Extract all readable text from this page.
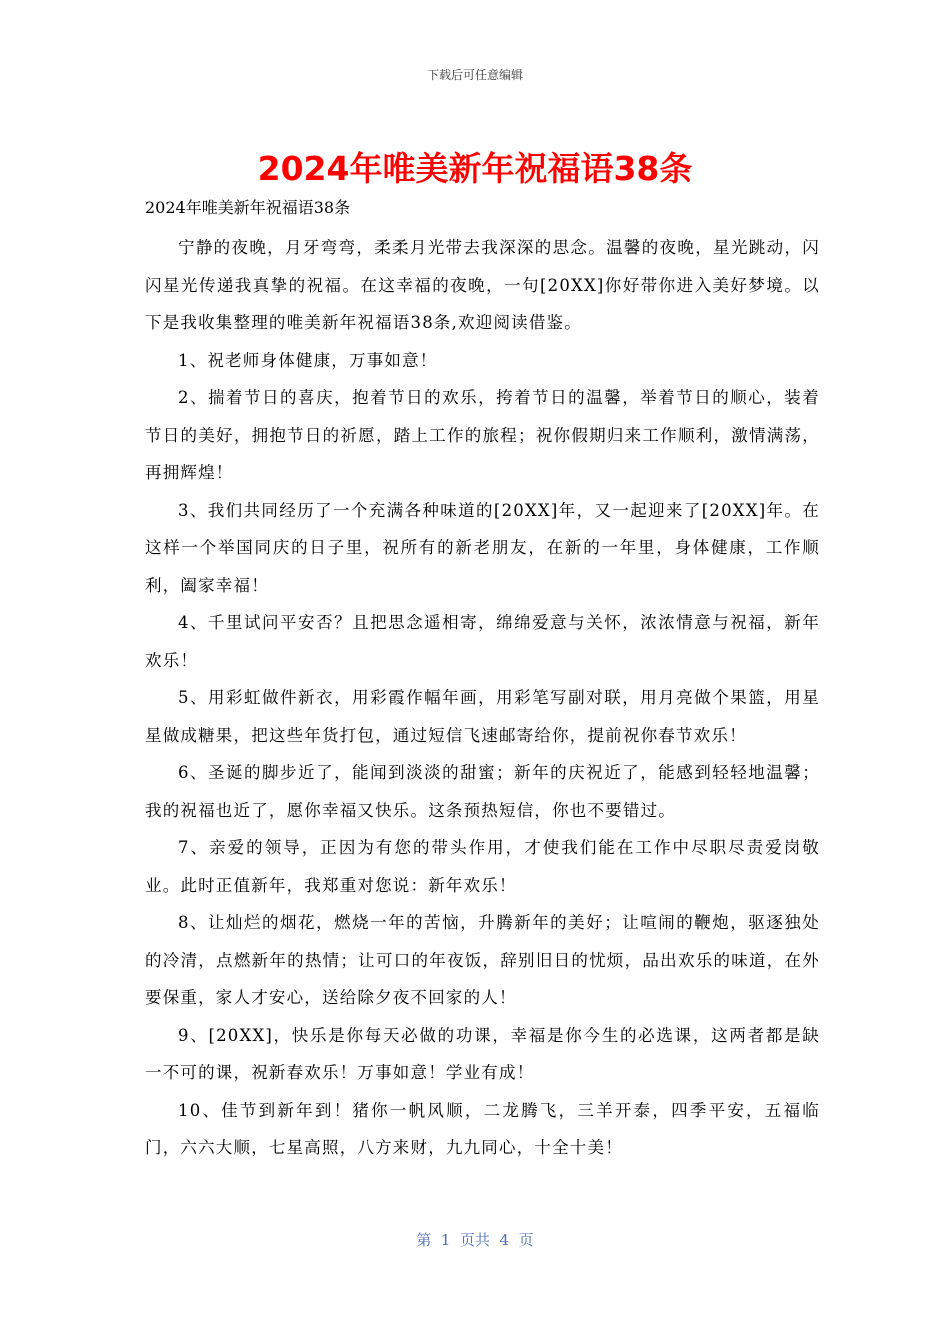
下载后可任意编辑
2024年唯美新年祝福语38条
2024年唯美新年祝福语38条

宁静的夜晚，月牙弯弯，柔柔月光带去我深深的思念。温馨的夜晚，星光跳动，闪闪星光传递我真挚的祝福。在这幸福的夜晚，一句[20XX]你好带你进入美好梦境。以下是我收集整理的唯美新年祝福语38条,欢迎阅读借鉴。

1、祝老师身体健康，万事如意！

2、揣着节日的喜庆，抱着节日的欢乐，挎着节日的温馨，举着节日的顺心，装着节日的美好，拥抱节日的祈愿，踏上工作的旅程；祝你假期归来工作顺利，激情满荡，再拥辉煌！

3、我们共同经历了一个充满各种味道的[20XX]年，又一起迎来了[20XX]年。在这样一个举国同庆的日子里，祝所有的新老朋友，在新的一年里，身体健康，工作顺利，阖家幸福！

4、千里试问平安否？且把思念遥相寄，绵绵爱意与关怀，浓浓情意与祝福，新年欢乐！

5、用彩虹做件新衣，用彩霞作幅年画，用彩笔写副对联，用月亮做个果篮，用星星做成糖果，把这些年货打包，通过短信飞速邮寄给你，提前祝你春节欢乐！

6、圣诞的脚步近了，能闻到淡淡的甜蜜；新年的庆祝近了，能感到轻轻地温馨；我的祝福也近了，愿你幸福又快乐。这条预热短信，你也不要错过。

7、亲爱的领导，正因为有您的带头作用，才使我们能在工作中尽职尽责爱岗敬业。此时正值新年，我郑重对您说：新年欢乐！

8、让灿烂的烟花，燃烧一年的苦恼，升腾新年的美好；让喧闹的鞭炮，驱逐独处的冷清，点燃新年的热情；让可口的年夜饭，辞别旧日的忧烦，品出欢乐的味道，在外要保重，家人才安心，送给除夕夜不回家的人！

9、[20XX]，快乐是你每天必做的功课，幸福是你今生的必选课，这两者都是缺一不可的课，祝新春欢乐！万事如意！学业有成！

10、佳节到新年到！猪你一帆风顺，二龙腾飞，三羊开泰，四季平安，五福临门，六六大顺，七星高照，八方来财，九九同心，十全十美！

第  1  页共  4  页
